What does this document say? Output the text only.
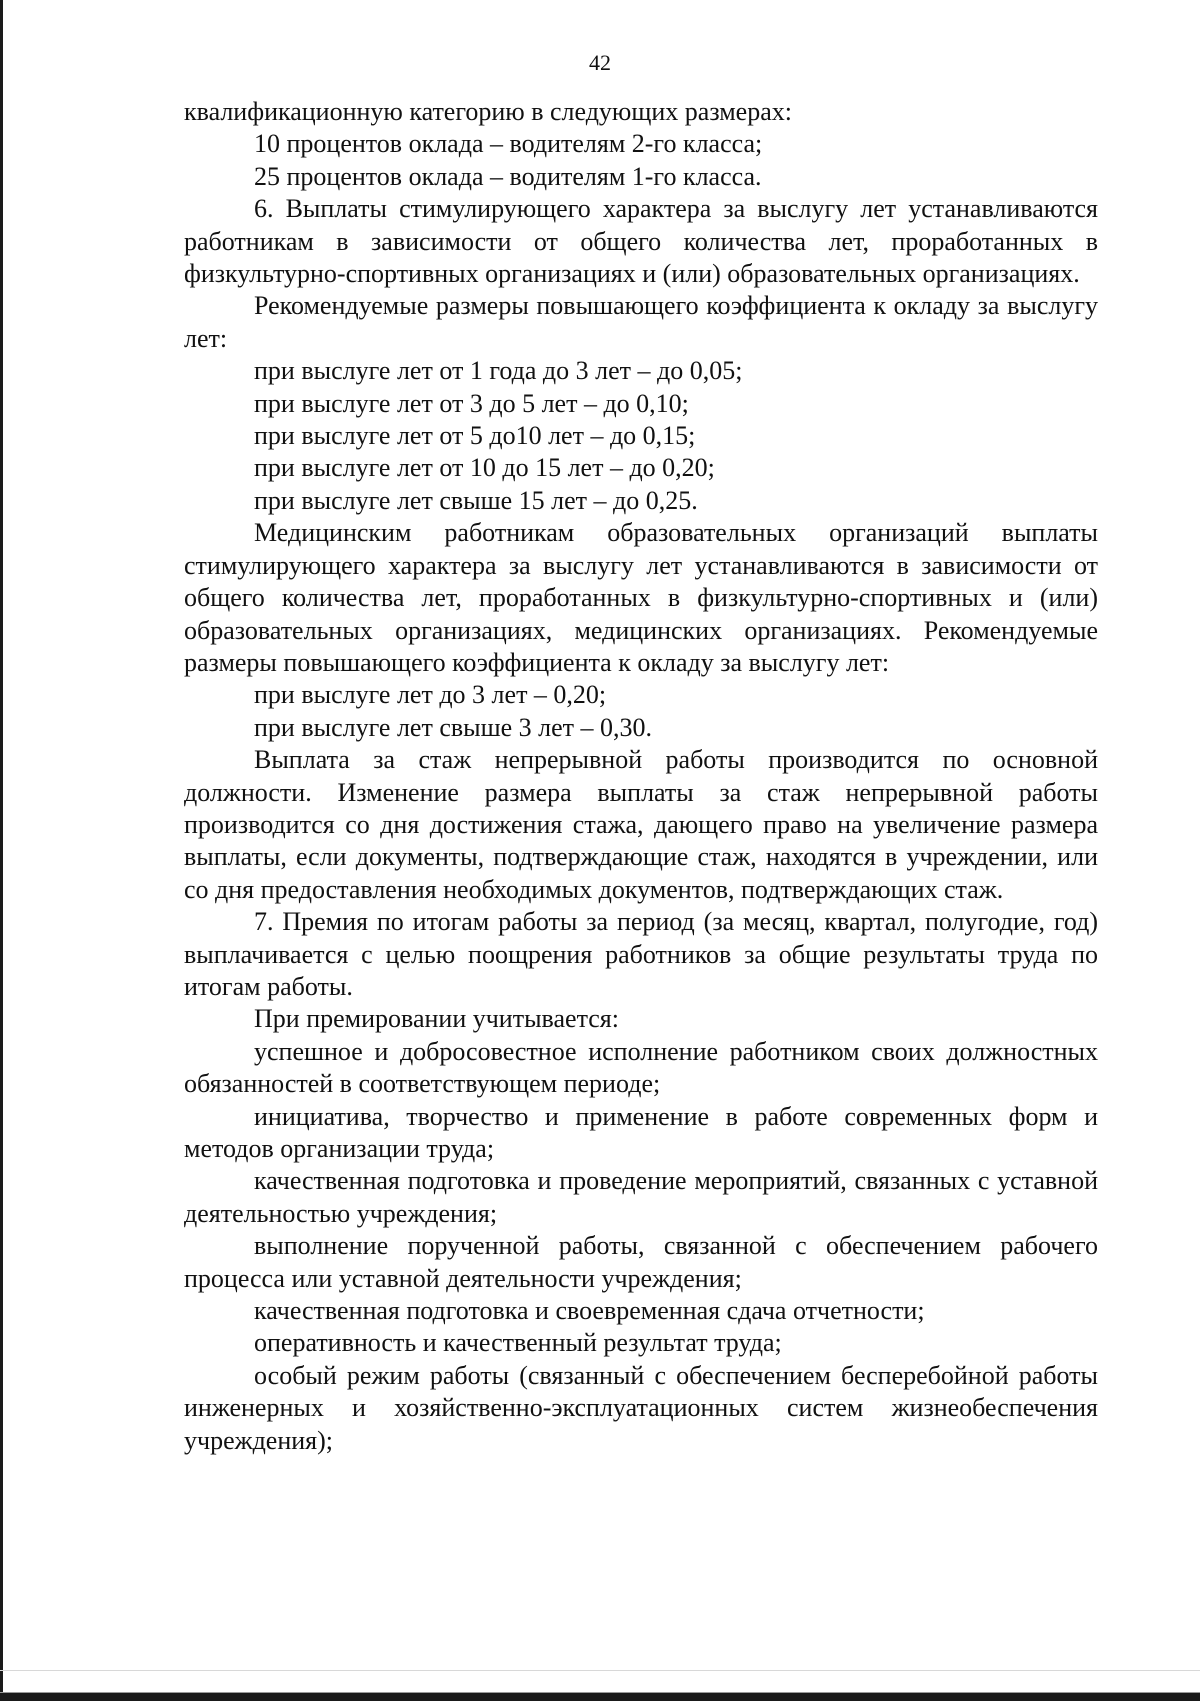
42

квалификационную категорию в следующих размерах:

10 процентов оклада – водителям 2-го класса;

25 процентов оклада – водителям 1-го класса.

6. Выплаты стимулирующего характера за выслугу лет устанавливаются работникам в зависимости от общего количества лет, проработанных в физкультурно-спортивных организациях и (или) образовательных организациях.

Рекомендуемые размеры повышающего коэффициента к окладу за выслугу лет:

при выслуге лет от 1 года до 3 лет – до 0,05;

при выслуге лет от 3 до 5 лет – до 0,10;

при выслуге лет от 5 до10 лет – до 0,15;

при выслуге лет от 10 до 15 лет – до 0,20;

при выслуге лет свыше 15 лет – до 0,25.

Медицинским работникам образовательных организаций выплаты стимулирующего характера за выслугу лет устанавливаются в зависимости от общего количества лет, проработанных в физкультурно-спортивных и (или) образовательных организациях, медицинских организациях. Рекомендуемые размеры повышающего коэффициента к окладу за выслугу лет:

при выслуге лет до 3 лет – 0,20;

при выслуге лет свыше 3 лет – 0,30.

Выплата за стаж непрерывной работы производится по основной должности. Изменение размера выплаты за стаж непрерывной работы производится со дня достижения стажа, дающего право на увеличение размера выплаты, если документы, подтверждающие стаж, находятся в учреждении, или со дня предоставления необходимых документов, подтверждающих стаж.

7. Премия по итогам работы за период (за месяц, квартал, полугодие, год) выплачивается с целью поощрения работников за общие результаты труда по итогам работы.

При премировании учитывается:

успешное и добросовестное исполнение работником своих должностных обязанностей в соответствующем периоде;

инициатива, творчество и применение в работе современных форм и методов организации труда;

качественная подготовка и проведение мероприятий, связанных с уставной деятельностью учреждения;

выполнение порученной работы, связанной с обеспечением рабочего процесса или уставной деятельности учреждения;

качественная подготовка и своевременная сдача отчетности;

оперативность и качественный результат труда;

особый режим работы (связанный с обеспечением бесперебойной работы инженерных и хозяйственно-эксплуатационных систем жизнеобеспечения учреждения);
